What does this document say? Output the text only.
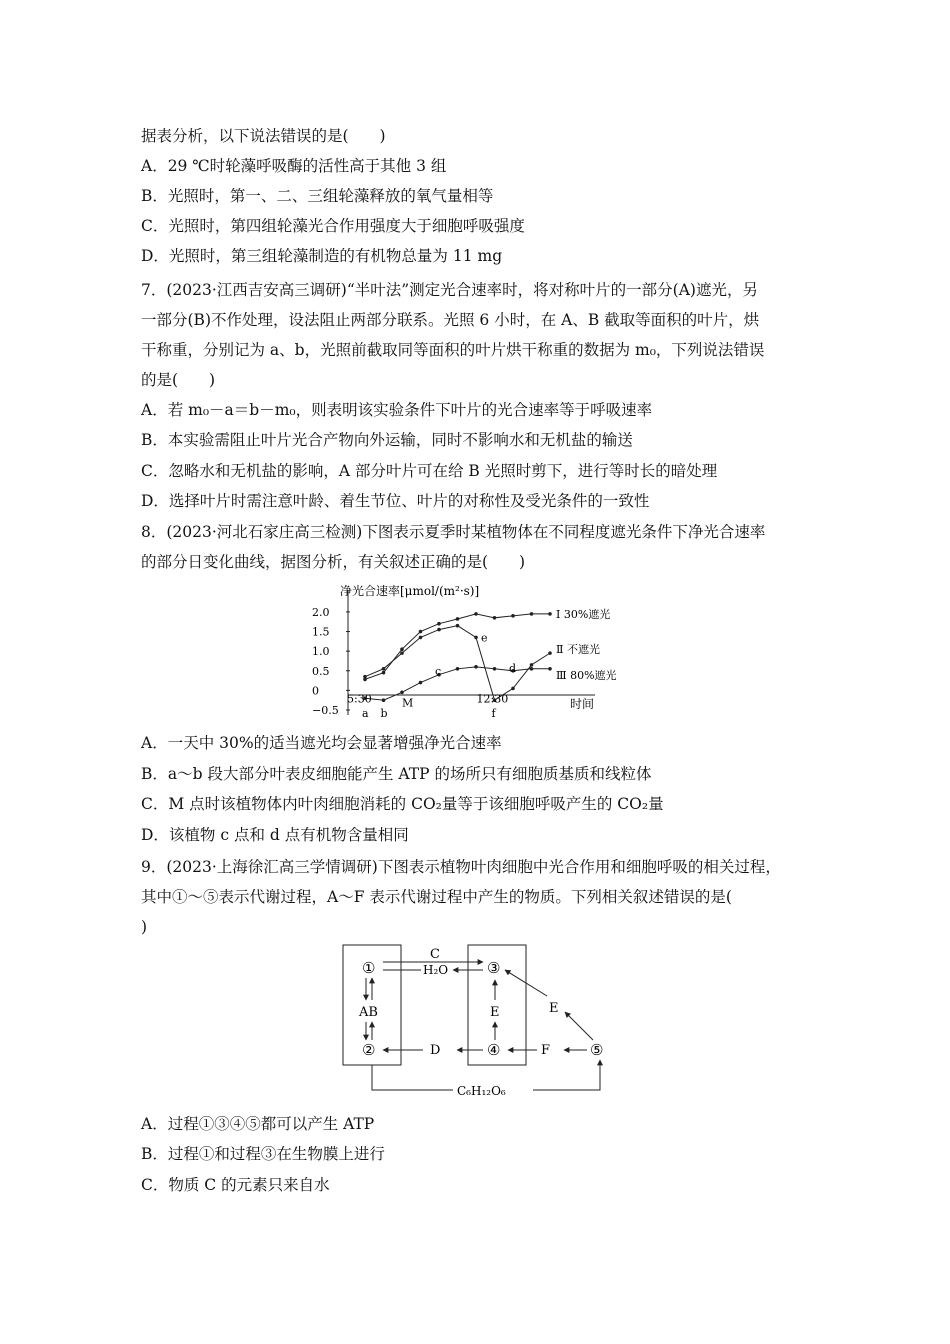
据表分析，以下说法错误的是(　　)
A．29 ℃时轮藻呼吸酶的活性高于其他 3 组
B．光照时，第一、二、三组轮藻释放的氧气量相等
C．光照时，第四组轮藻光合作用强度大于细胞呼吸强度
D．光照时，第三组轮藻制造的有机物总量为 11 mg
7．(2023·江西吉安高三调研)“半叶法”测定光合速率时，将对称叶片的一部分(A)遮光，另
一部分(B)不作处理，设法阻止两部分联系。光照 6 小时，在 A、B 截取等面积的叶片，烘
干称重，分别记为 a、b，光照前截取同等面积的叶片烘干称重的数据为 m₀，下列说法错误
的是(　　)
A．若 m₀－a＝b－m₀，则表明该实验条件下叶片的光合速率等于呼吸速率
B．本实验需阻止叶片光合产物向外运输，同时不影响水和无机盐的输送
C．忽略水和无机盐的影响，A 部分叶片可在给 B 光照时剪下，进行等时长的暗处理
D．选择叶片时需注意叶龄、着生节位、叶片的对称性及受光条件的一致性
8．(2023·河北石家庄高三检测)下图表示夏季时某植物体在不同程度遮光条件下净光合速率
的部分日变化曲线，据图分析，有关叙述正确的是(　　)
净光合速率[μmol/(m²·s)]
时间
2.0
1.5
1.0
0.5
0
−0.5
5:30	12:30
Ⅰ 30%遮光
Ⅱ 不遮光
Ⅲ 80%遮光
a b
M
c	d
e
f
A．一天中 30%的适当遮光均会显著增强净光合速率
B．a～b 段大部分叶表皮细胞能产生 ATP 的场所只有细胞质基质和线粒体
C．M 点时该植物体内叶肉细胞消耗的 CO₂量等于该细胞呼吸产生的 CO₂量
D．该植物 c 点和 d 点有机物含量相同
9．(2023·上海徐汇高三学情调研)下图表示植物叶肉细胞中光合作用和细胞呼吸的相关过程，
其中①～⑤表示代谢过程，A～F 表示代谢过程中产生的物质。下列相关叙述错误的是(
)
①
②
③
④	⑤
C
H₂O
AB	E	E
F
D
C₆H₁₂O₆
A．过程①③④⑤都可以产生 ATP
B．过程①和过程③在生物膜上进行
C．物质 C 的元素只来自水
